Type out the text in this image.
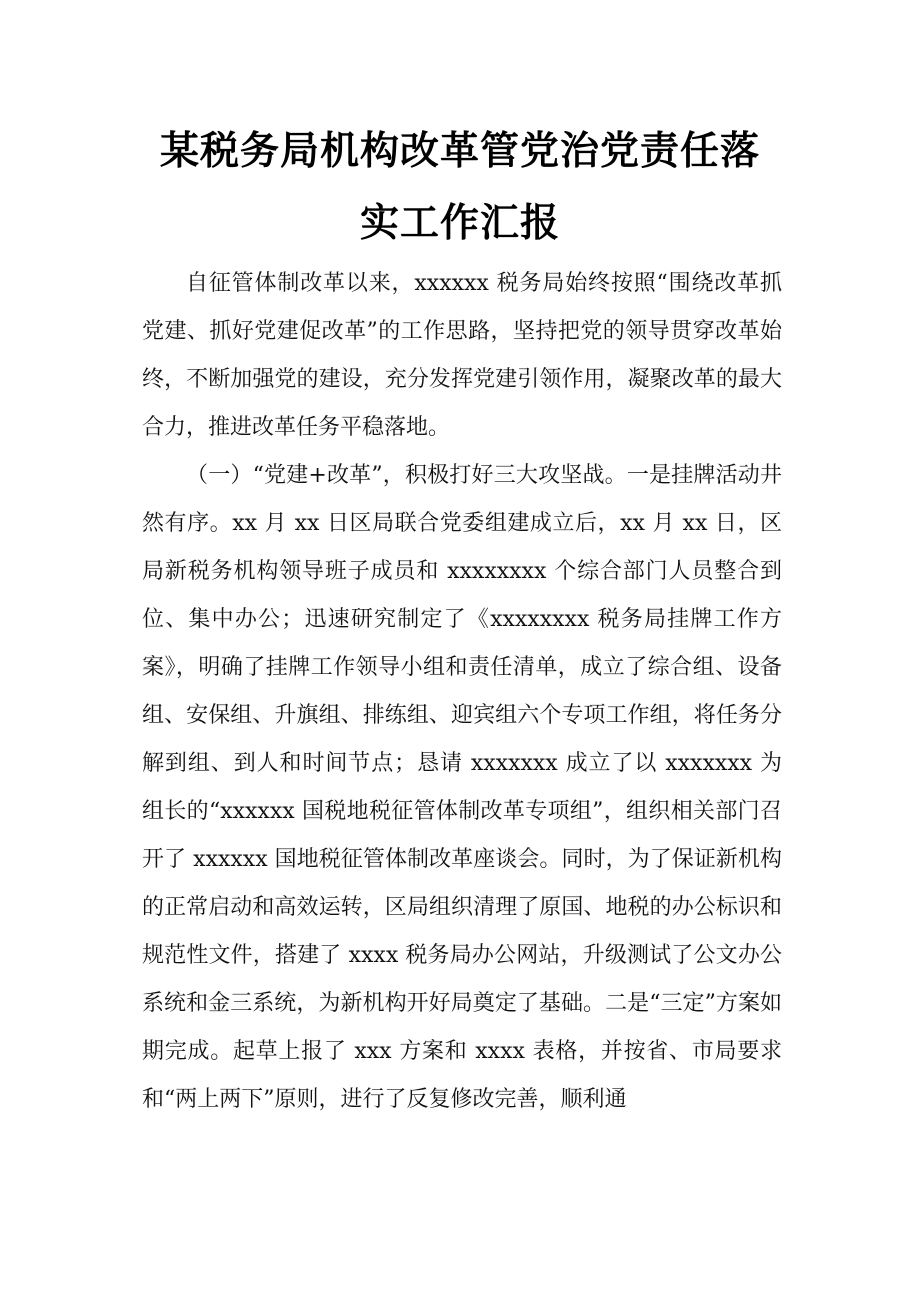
某税务局机构改革管党治党责任落
实工作汇报

自征管体制改革以来，xxxxxx 税务局始终按照“围绕改革抓党建、抓好党建促改革”的工作思路，坚持把党的领导贯穿改革始终，不断加强党的建设，充分发挥党建引领作用，凝聚改革的最大合力，推进改革任务平稳落地。

（一）“党建+改革”，积极打好三大攻坚战。一是挂牌活动井然有序。xx 月 xx 日区局联合党委组建成立后，xx 月 xx 日，区局新税务机构领导班子成员和 xxxxxxxx 个综合部门人员整合到位、集中办公；迅速研究制定了《xxxxxxxx 税务局挂牌工作方案》，明确了挂牌工作领导小组和责任清单，成立了综合组、设备组、安保组、升旗组、排练组、迎宾组六个专项工作组，将任务分解到组、到人和时间节点；恳请 xxxxxxx 成立了以 xxxxxxx 为组长的“xxxxxx 国税地税征管体制改革专项组”，组织相关部门召开了 xxxxxx 国地税征管体制改革座谈会。同时，为了保证新机构的正常启动和高效运转，区局组织清理了原国、地税的办公标识和规范性文件，搭建了 xxxx 税务局办公网站，升级测试了公文办公系统和金三系统，为新机构开好局奠定了基础。二是“三定”方案如期完成。起草上报了 xxx 方案和 xxxx 表格，并按省、市局要求和“两上两下”原则，进行了反复修改完善，顺利通
